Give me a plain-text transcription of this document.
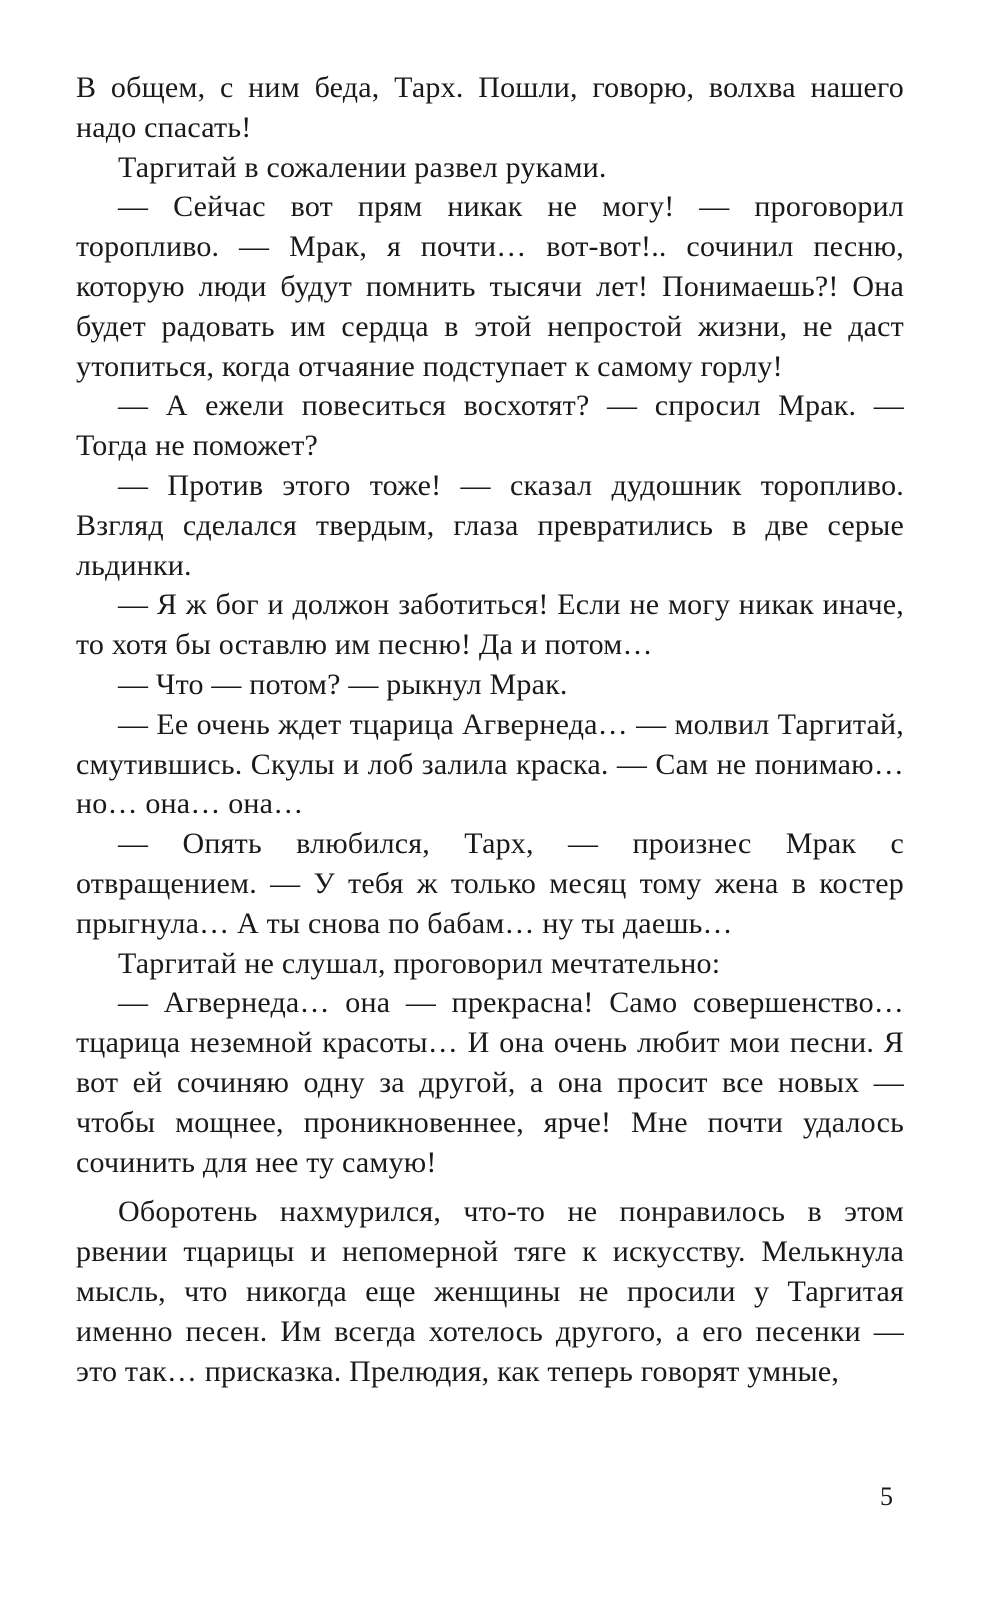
В общем, с ним беда, Тарх. Пошли, говорю, волхва нашего надо спасать!

Таргитай в сожалении развел руками.

— Сейчас вот прям никак не могу! — проговорил торопливо. — Мрак, я почти… вот-вот!.. сочинил песню, которую люди будут помнить тысячи лет! Понимаешь?! Она будет радовать им сердца в этой непростой жизни, не даст утопиться, когда отчаяние подступает к самому горлу!

— А ежели повеситься восхотят? — спросил Мрак. — Тогда не поможет?

— Против этого тоже! — сказал дудошник торопливо. Взгляд сделался твердым, глаза превратились в две серые льдинки.

— Я ж бог и должон заботиться! Если не могу никак иначе, то хотя бы оставлю им песню! Да и потом…

— Что — потом? — рыкнул Мрак.

— Ее очень ждет тцарица Агвернеда… — молвил Таргитай, смутившись. Скулы и лоб залила краска. — Сам не понимаю… но… она… она…

— Опять влюбился, Тарх, — произнес Мрак с отвращением. — У тебя ж только месяц тому жена в костер прыгнула… А ты снова по бабам… ну ты даешь…

Таргитай не слушал, проговорил мечтательно:

— Агвернеда… она — прекрасна! Само совершенство… тцарица неземной красоты… И она очень любит мои песни. Я вот ей сочиняю одну за другой, а она просит все новых — чтобы мощнее, проникновеннее, ярче! Мне почти удалось сочинить для нее ту самую!

Оборотень нахмурился, что-то не понравилось в этом рвении тцарицы и непомерной тяге к искусству. Мелькнула мысль, что никогда еще женщины не просили у Таргитая именно песен. Им всегда хотелось другого, а его песенки — это так… присказка. Прелюдия, как теперь говорят умные,

5
